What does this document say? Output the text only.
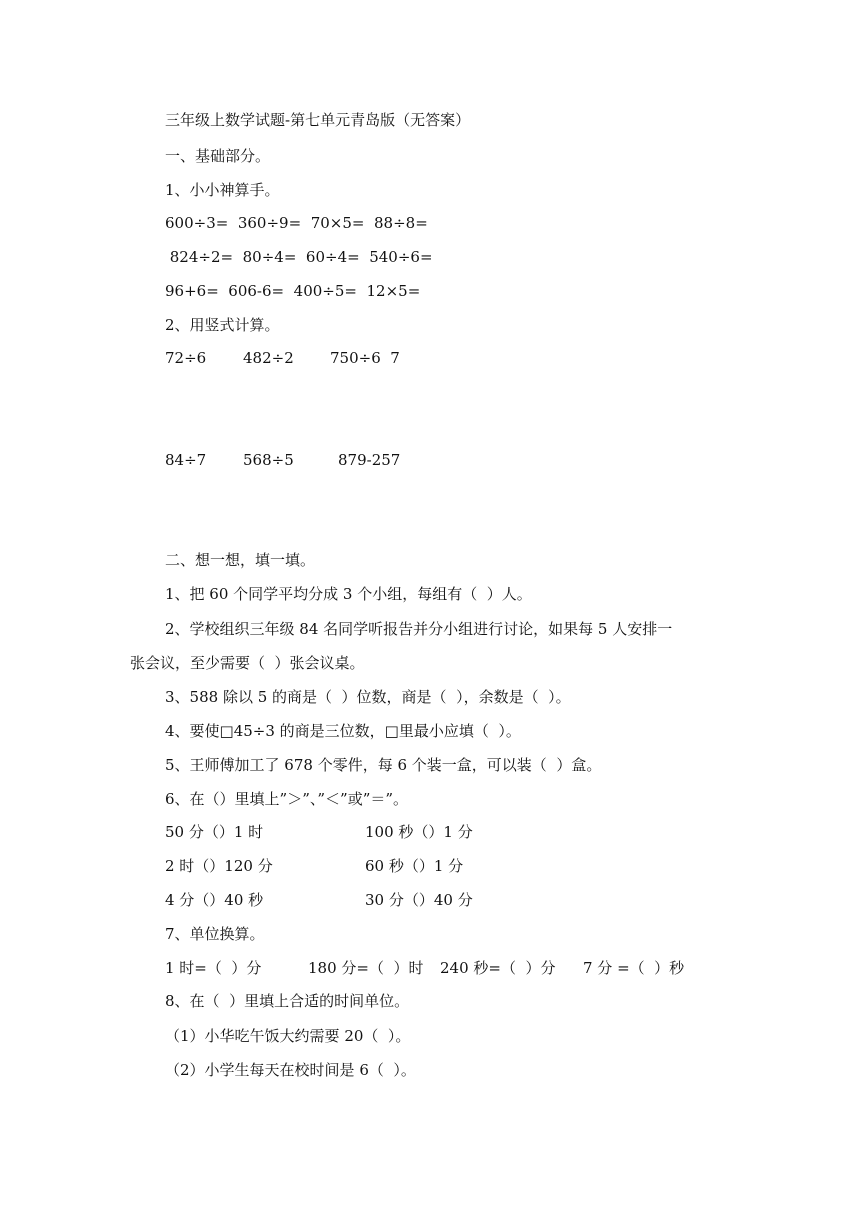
三年级上数学试题-第七单元青岛版（无答案）
一、基础部分。
1、小小神算手。
600÷3=  360÷9=  70×5=  88÷8=
824÷2=  80÷4=  60÷4=  540÷6=
96+6=  606-6=  400÷5=  12×5=
2、用竖式计算。
72÷6 482÷2 750÷6  7
84÷7 568÷5	879-257
二、想一想，填一填。
1、把 60 个同学平均分成 3 个小组，每组有（  ）人。
2、学校组织三年级 84 名同学听报告并分小组进行讨论，如果每 5 人安排一
张会议，至少需要（  ）张会议桌。
3、588 除以 5 的商是（  ）位数，商是（  ），余数是（  ）。
4、要使□45÷3 的商是三位数，□里最小应填（  ）。
5、王师傅加工了 678 个零件，每 6 个装一盒，可以装（  ）盒。
6、在（）里填上”＞”、”＜”或”＝”。
50 分（）1 时	100 秒（）1 分
2 时（）120 分	60 秒（）1 分
4 分（）40 秒	30 分（）40 分
7、单位换算。
1 时=（  ）分	180 分=（  ）时 240 秒=（  ）分 7 分 =（  ）秒
8、在（  ）里填上合适的时间单位。
（1）小华吃午饭大约需要 20（  ）。
（2）小学生每天在校时间是 6（  ）。
